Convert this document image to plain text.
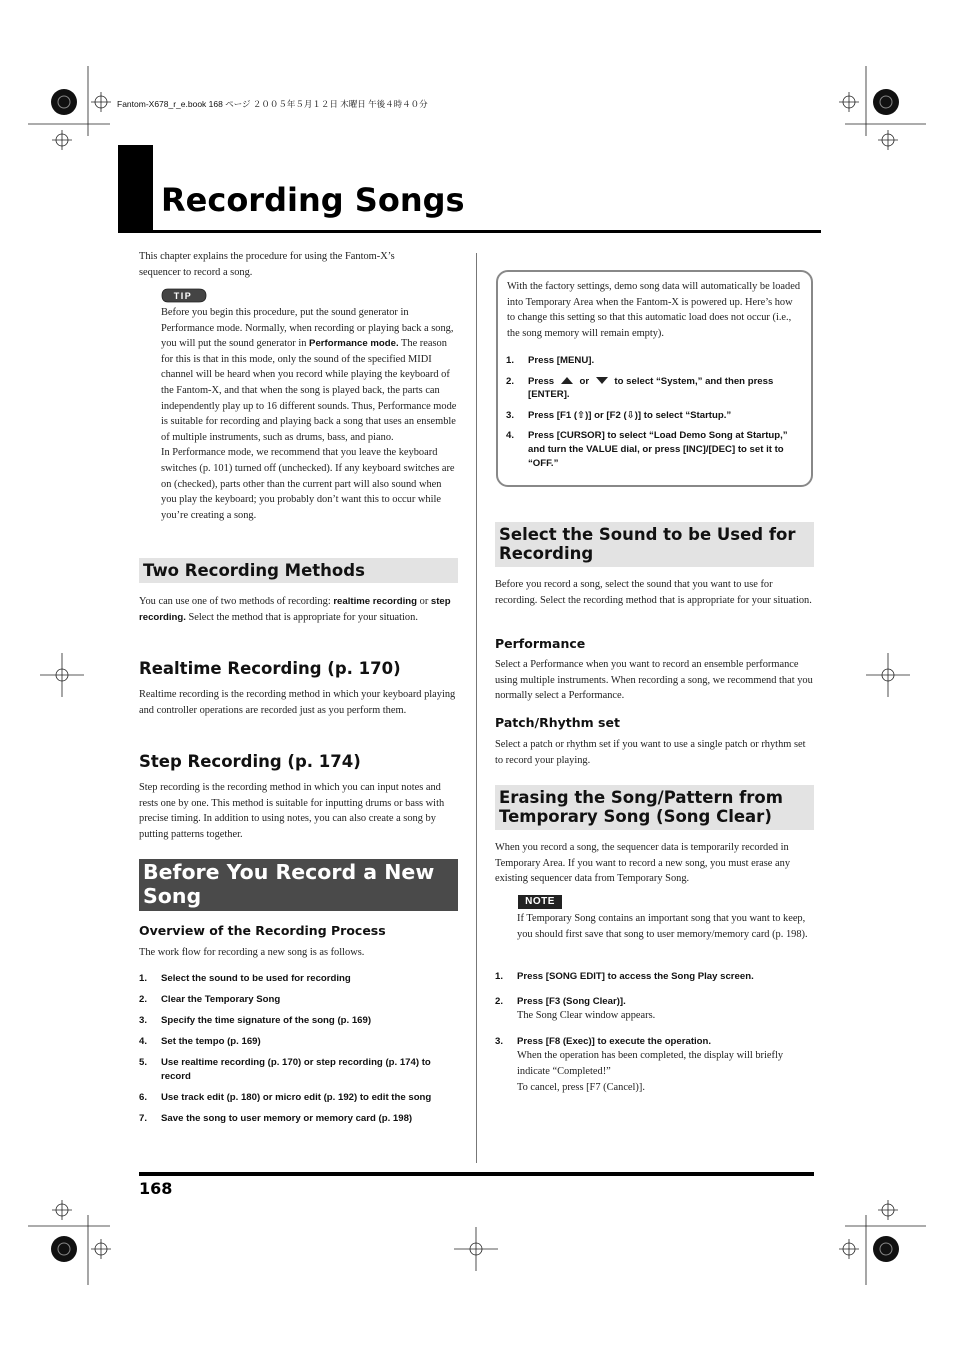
Fantom-X678_r_e.book 168 ページ ２００５年５月１２日 木曜日 午後４時４０分
Recording Songs
This chapter explains the procedure for using the Fantom-X’s sequencer to record a song.
TIP
Before you begin this procedure, put the sound generator in Performance mode. Normally, when recording or playing back a song, you will put the sound generator in Performance mode. The reason for this is that in this mode, only the sound of the specified MIDI channel will be heard when you record while playing the keyboard of the Fantom-X, and that when the song is played back, the parts can independently play up to 16 different sounds. Thus, Performance mode is suitable for recording and playing back a song that uses an ensemble of multiple instruments, such as drums, bass, and piano.
In Performance mode, we recommend that you leave the keyboard switches (p. 101) turned off (unchecked). If any keyboard switches are on (checked), parts other than the current part will also sound when you play the keyboard; you probably don’t want this to occur while you’re creating a song.
Two Recording Methods
You can use one of two methods of recording: realtime recording or step recording. Select the method that is appropriate for your situation.
Realtime Recording (p. 170)
Realtime recording is the recording method in which your keyboard playing and controller operations are recorded just as you perform them.
Step Recording (p. 174)
Step recording is the recording method in which you can input notes and rests one by one. This method is suitable for inputting drums or bass with precise timing. In addition to using notes, you can also create a song by putting patterns together.
Before You Record a New Song
Overview of the Recording Process
The work flow for recording a new song is as follows.
1. Select the sound to be used for recording
2. Clear the Temporary Song
3. Specify the time signature of the song (p. 169)
4. Set the tempo (p. 169)
5. Use realtime recording (p. 170) or step recording (p. 174) to record
6. Use track edit (p. 180) or micro edit (p. 192) to edit the song
7. Save the song to user memory or memory card (p. 198)
With the factory settings, demo song data will automatically be loaded into Temporary Area when the Fantom-X is powered up. Here’s how to change this setting so that this automatic load does not occur (i.e., the song memory will remain empty).
1. Press [MENU].
2. Press	or	to select “System,” and then press [ENTER].
3. Press [F1 (⇧)] or [F2 (⇩)] to select “Startup.”
4. Press [CURSOR] to select “Load Demo Song at Startup,” and turn the VALUE dial, or press [INC]/[DEC] to set it to “OFF.”
Select the Sound to be Used for Recording
Before you record a song, select the sound that you want to use for recording. Select the recording method that is appropriate for your situation.
Performance
Select a Performance when you want to record an ensemble performance using multiple instruments. When recording a song, we recommend that you normally select a Performance.
Patch/Rhythm set
Select a patch or rhythm set if you want to use a single patch or rhythm set to record your playing.
Erasing the Song/Pattern from Temporary Song (Song Clear)
When you record a song, the sequencer data is temporarily recorded in Temporary Area. If you want to record a new song, you must erase any existing sequencer data from Temporary Song.
NOTE
If Temporary Song contains an important song that you want to keep, you should first save that song to user memory/memory card (p. 198).
1. Press [SONG EDIT] to access the Song Play screen.
2. Press [F3 (Song Clear)].
The Song Clear window appears.
3. Press [F8 (Exec)] to execute the operation.
When the operation has been completed, the display will briefly indicate “Completed!”
To cancel, press [F7 (Cancel)].
168
